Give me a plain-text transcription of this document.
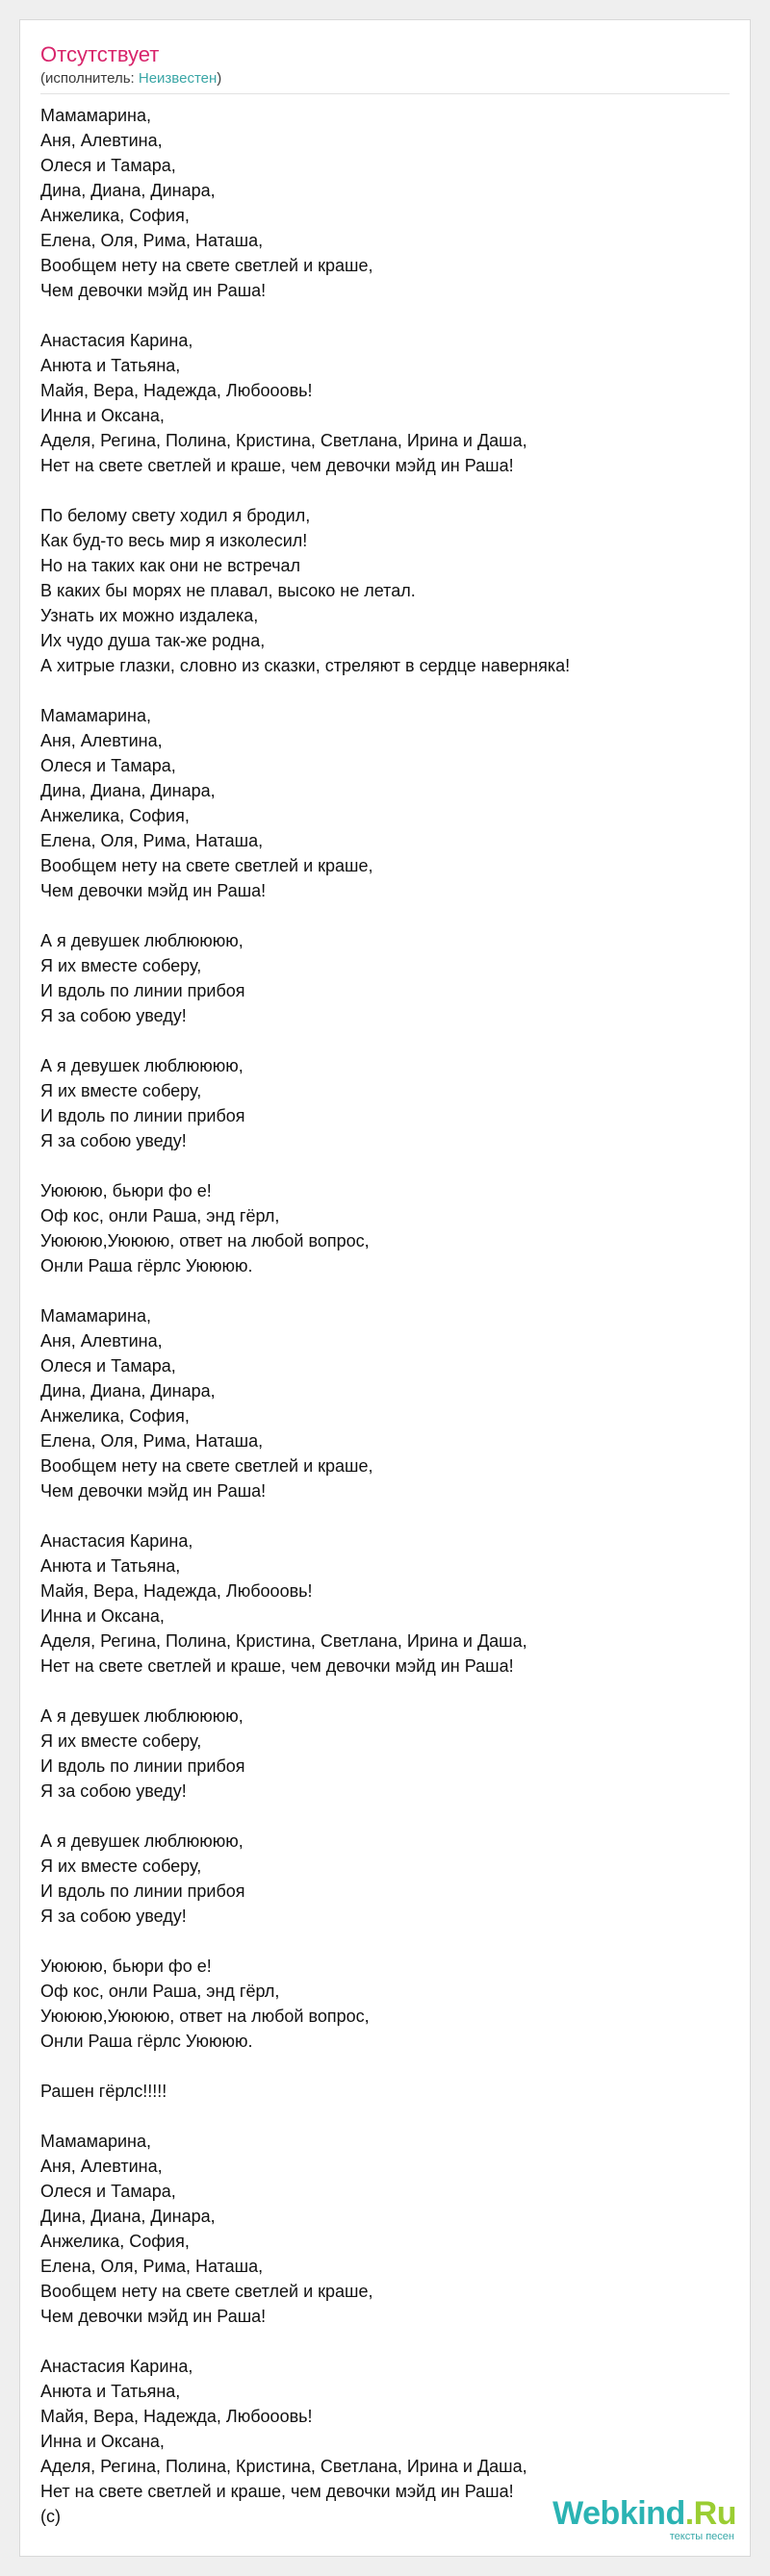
Отсутствует
(исполнитель: Неизвестен)
Мамамарина,
Аня, Алевтина,
Олеся и Тамара,
Дина, Диана, Динара,
Анжелика, София,
Елена, Оля, Рима, Наташа,
Вообщем нету на свете светлей и краше,
Чем девочки мэйд ин Раша!

Анастасия Карина,
Анюта и Татьяна,
Майя, Вера, Надежда, Любооовь!
Инна и Оксана,
Аделя, Регина, Полина, Кристина, Светлана, Ирина и Даша,
Нет на свете светлей и краше, чем девочки мэйд ин Раша!

По белому свету ходил я бродил,
Как буд-то весь мир я изколесил!
Но на таких как они не встречал
В каких бы морях не плавал, высоко не летал.
Узнать их можно издалека,
Их чудо душа так-же родна,
А хитрые глазки, словно из сказки, стреляют в сердце наверняка!

Мамамарина,
Аня, Алевтина,
Олеся и Тамара,
Дина, Диана, Динара,
Анжелика, София,
Елена, Оля, Рима, Наташа,
Вообщем нету на свете светлей и краше,
Чем девочки мэйд ин Раша!

А я девушек люблюююю,
Я их вместе соберу,
И вдоль по линии прибоя
Я за собою уведу!

А я девушек люблюююю,
Я их вместе соберу,
И вдоль по линии прибоя
Я за собою уведу!

Уюююю, бьюри фо е!
Оф кос, онли Раша, энд гёрл,
Уюююю,Уюююю, ответ на любой вопрос,
Онли Раша гёрлс Уюююю.

Мамамарина,
Аня, Алевтина,
Олеся и Тамара,
Дина, Диана, Динара,
Анжелика, София,
Елена, Оля, Рима, Наташа,
Вообщем нету на свете светлей и краше,
Чем девочки мэйд ин Раша!

Анастасия Карина,
Анюта и Татьяна,
Майя, Вера, Надежда, Любооовь!
Инна и Оксана,
Аделя, Регина, Полина, Кристина, Светлана, Ирина и Даша,
Нет на свете светлей и краше, чем девочки мэйд ин Раша!

А я девушек люблюююю,
Я их вместе соберу,
И вдоль по линии прибоя
Я за собою уведу!

А я девушек люблюююю,
Я их вместе соберу,
И вдоль по линии прибоя
Я за собою уведу!

Уюююю, бьюри фо е!
Оф кос, онли Раша, энд гёрл,
Уюююю,Уюююю, ответ на любой вопрос,
Онли Раша гёрлс Уюююю.

Рашен гёрлс!!!!!

Мамамарина,
Аня, Алевтина,
Олеся и Тамара,
Дина, Диана, Динара,
Анжелика, София,
Елена, Оля, Рима, Наташа,
Вообщем нету на свете светлей и краше,
Чем девочки мэйд ин Раша!

Анастасия Карина,
Анюта и Татьяна,
Майя, Вера, Надежда, Любооовь!
Инна и Оксана,
Аделя, Регина, Полина, Кристина, Светлана, Ирина и Даша,
Нет на свете светлей и краше, чем девочки мэйд ин Раша!
(c)	Webkind.Ru
тексты песен
